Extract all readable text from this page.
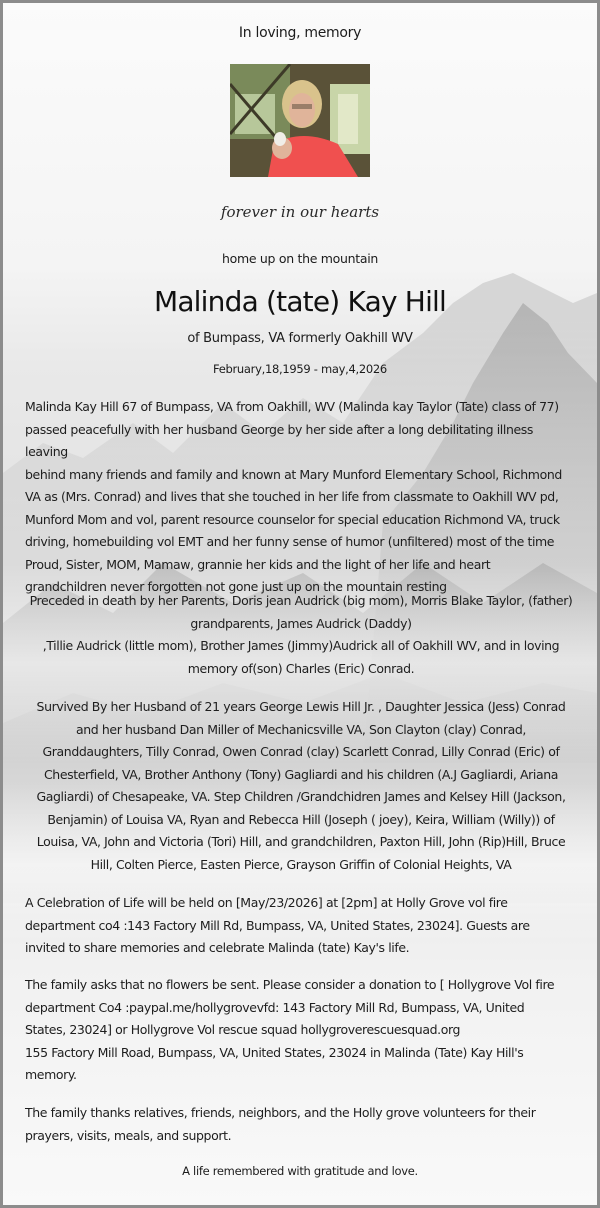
In loving, memory
forever in our hearts
home up on the mountain
Malinda (tate) Kay Hill
of Bumpass, VA formerly Oakhill WV
February,18,1959 - may,4,2026
Malinda Kay Hill 67 of Bumpass, VA from Oakhill, WV (Malinda kay Taylor (Tate) class of 77)
passed peacefully with her husband George by her side after a long debilitating illness leaving
behind many friends and family and known at Mary Munford Elementary School, Richmond
VA as (Mrs. Conrad) and lives that she touched in her life from classmate to Oakhill WV pd,
Munford Mom and vol, parent resource counselor for special education Richmond VA, truck
driving, homebuilding vol EMT and her funny sense of humor (unfiltered) most of the time
Proud, Sister, MOM, Mamaw, grannie her kids and the light of her life and heart
grandchildren never forgotten not gone just up on the mountain resting
Preceded in death by her Parents, Doris jean Audrick (big mom), Morris Blake Taylor, (father)
grandparents, James Audrick (Daddy)
,Tillie Audrick (little mom), Brother James (Jimmy)Audrick all of Oakhill WV, and in loving
memory of(son) Charles (Eric) Conrad.
Survived By her Husband of 21 years George Lewis Hill Jr. , Daughter Jessica (Jess) Conrad
and her husband Dan Miller of Mechanicsville VA, Son Clayton (clay) Conrad,
Granddaughters, Tilly Conrad, Owen Conrad (clay) Scarlett Conrad, Lilly Conrad (Eric) of
Chesterfield, VA, Brother Anthony (Tony) Gagliardi and his children (A.J Gagliardi, Ariana
Gagliardi) of Chesapeake, VA. Step Children /Grandchidren James and Kelsey Hill (Jackson,
Benjamin) of Louisa VA, Ryan and Rebecca Hill (Joseph ( joey), Keira, William (Willy)) of
Louisa, VA, John and Victoria (Tori) Hill, and grandchildren, Paxton Hill, John (Rip)Hill, Bruce
Hill, Colten Pierce, Easten Pierce, Grayson Griffin of Colonial Heights, VA
A Celebration of Life will be held on [May/23/2026] at [2pm] at Holly Grove vol fire
department co4 :143 Factory Mill Rd, Bumpass, VA, United States, 23024]. Guests are
invited to share memories and celebrate Malinda (tate) Kay's life.
The family asks that no flowers be sent. Please consider a donation to [ Hollygrove Vol fire
department Co4 :paypal.me/hollygrovevfd: 143 Factory Mill Rd, Bumpass, VA, United
States, 23024] or Hollygrove Vol rescue squad hollygroverescuesquad.org
155 Factory Mill Road, Bumpass, VA, United States, 23024 in Malinda (Tate) Kay Hill's
memory.
The family thanks relatives, friends, neighbors, and the Holly grove volunteers for their
prayers, visits, meals, and support.
A life remembered with gratitude and love.
